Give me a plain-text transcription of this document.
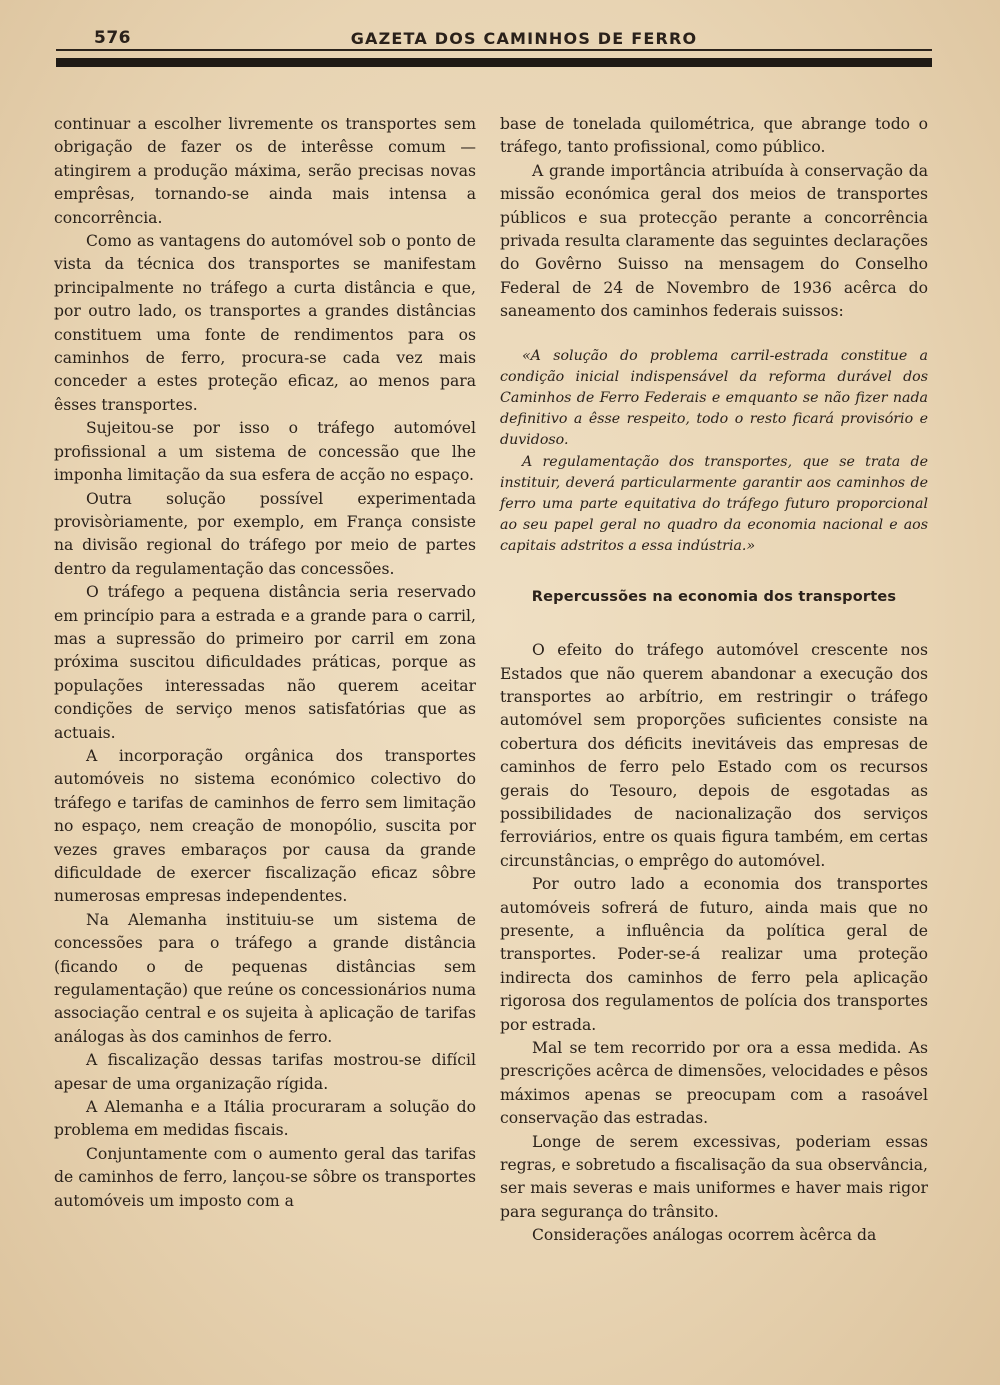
576	GAZETA DOS CAMINHOS DE FERRO

continuar a escolher livremente os transportes sem obrigação de fazer os de interêsse comum — atingirem a produção máxima, serão precisas novas emprêsas, tornando-se ainda mais intensa a concorrência.

Como as vantagens do automóvel sob o ponto de vista da técnica dos transportes se manifestam principalmente no tráfego a curta distância e que, por outro lado, os transportes a grandes distâncias constituem uma fonte de rendimentos para os caminhos de ferro, procura-se cada vez mais conceder a estes proteção eficaz, ao menos para êsses transportes.

Sujeitou-se por isso o tráfego automóvel profissional a um sistema de concessão que lhe imponha limitação da sua esfera de acção no espaço.

Outra solução possível experimentada provisòriamente, por exemplo, em França consiste na divisão regional do tráfego por meio de partes dentro da regulamentação das concessões.

O tráfego a pequena distância seria reservado em princípio para a estrada e a grande para o carril, mas a supressão do primeiro por carril em zona próxima suscitou dificuldades práticas, porque as populações interessadas não querem aceitar condições de serviço menos satisfatórias que as actuais.

A incorporação orgânica dos transportes automóveis no sistema económico colectivo do tráfego e tarifas de caminhos de ferro sem limitação no espaço, nem creação de monopólio, suscita por vezes graves embaraços por causa da grande dificuldade de exercer fiscalização eficaz sôbre numerosas empresas independentes.

Na Alemanha instituiu-se um sistema de concessões para o tráfego a grande distância (ficando o de pequenas distâncias sem regulamentação) que reúne os concessionários numa associação central e os sujeita à aplicação de tarifas análogas às dos caminhos de ferro.

A fiscalização dessas tarifas mostrou-se difícil apesar de uma organização rígida.

A Alemanha e a Itália procuraram a solução do problema em medidas fiscais.

Conjuntamente com o aumento geral das tarifas de caminhos de ferro, lançou-se sôbre os transportes automóveis um imposto com a

base de tonelada quilométrica, que abrange todo o tráfego, tanto profissional, como público.

A grande importância atribuída à conservação da missão económica geral dos meios de transportes públicos e sua protecção perante a concorrência privada resulta claramente das seguintes declarações do Govêrno Suisso na mensagem do Conselho Federal de 24 de Novembro de 1936 acêrca do saneamento dos caminhos federais suissos:

«A solução do problema carril-estrada constitue a condição inicial indispensável da reforma durável dos Caminhos de Ferro Federais e emquanto se não fizer nada definitivo a êsse respeito, todo o resto ficará provisório e duvidoso.

A regulamentação dos transportes, que se trata de instituir, deverá particularmente garantir aos caminhos de ferro uma parte equitativa do tráfego futuro proporcional ao seu papel geral no quadro da economia nacional e aos capitais adstritos a essa indústria.»

Repercussões na economia dos transportes

O efeito do tráfego automóvel crescente nos Estados que não querem abandonar a execução dos transportes ao arbítrio, em restringir o tráfego automóvel sem proporções suficientes consiste na cobertura dos déficits inevitáveis das empresas de caminhos de ferro pelo Estado com os recursos gerais do Tesouro, depois de esgotadas as possibilidades de nacionalização dos serviços ferroviários, entre os quais figura também, em certas circunstâncias, o emprêgo do automóvel.

Por outro lado a economia dos transportes automóveis sofrerá de futuro, ainda mais que no presente, a influência da política geral de transportes. Poder-se-á realizar uma proteção indirecta dos caminhos de ferro pela aplicação rigorosa dos regulamentos de polícia dos transportes por estrada.

Mal se tem recorrido por ora a essa medida. As prescrições acêrca de dimensões, velocidades e pêsos máximos apenas se preocupam com a rasoável conservação das estradas.

Longe de serem excessivas, poderiam essas regras, e sobretudo a fiscalisação da sua observância, ser mais severas e mais uniformes e haver mais rigor para segurança do trânsito.

Considerações análogas ocorrem àcêrca da
